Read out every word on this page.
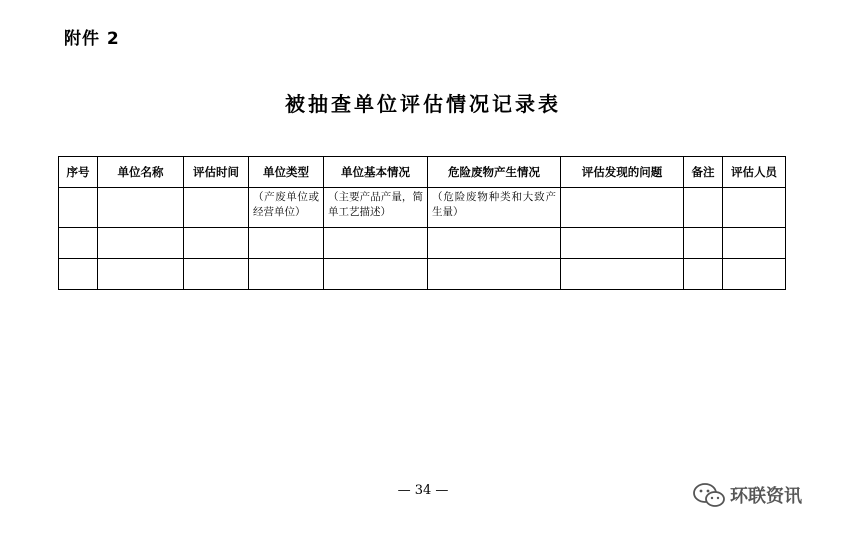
附件 2
被抽查单位评估情况记录表
序号	单位名称	评估时间	单位类型	单位基本情况	危险废物产生情况	评估发现的问题	备注	评估人员
			（产废单位或经营单位）	（主要产品产量，简单工艺描述）	（危险废物种类和大致产生量）			

— 34 —	环联资讯
